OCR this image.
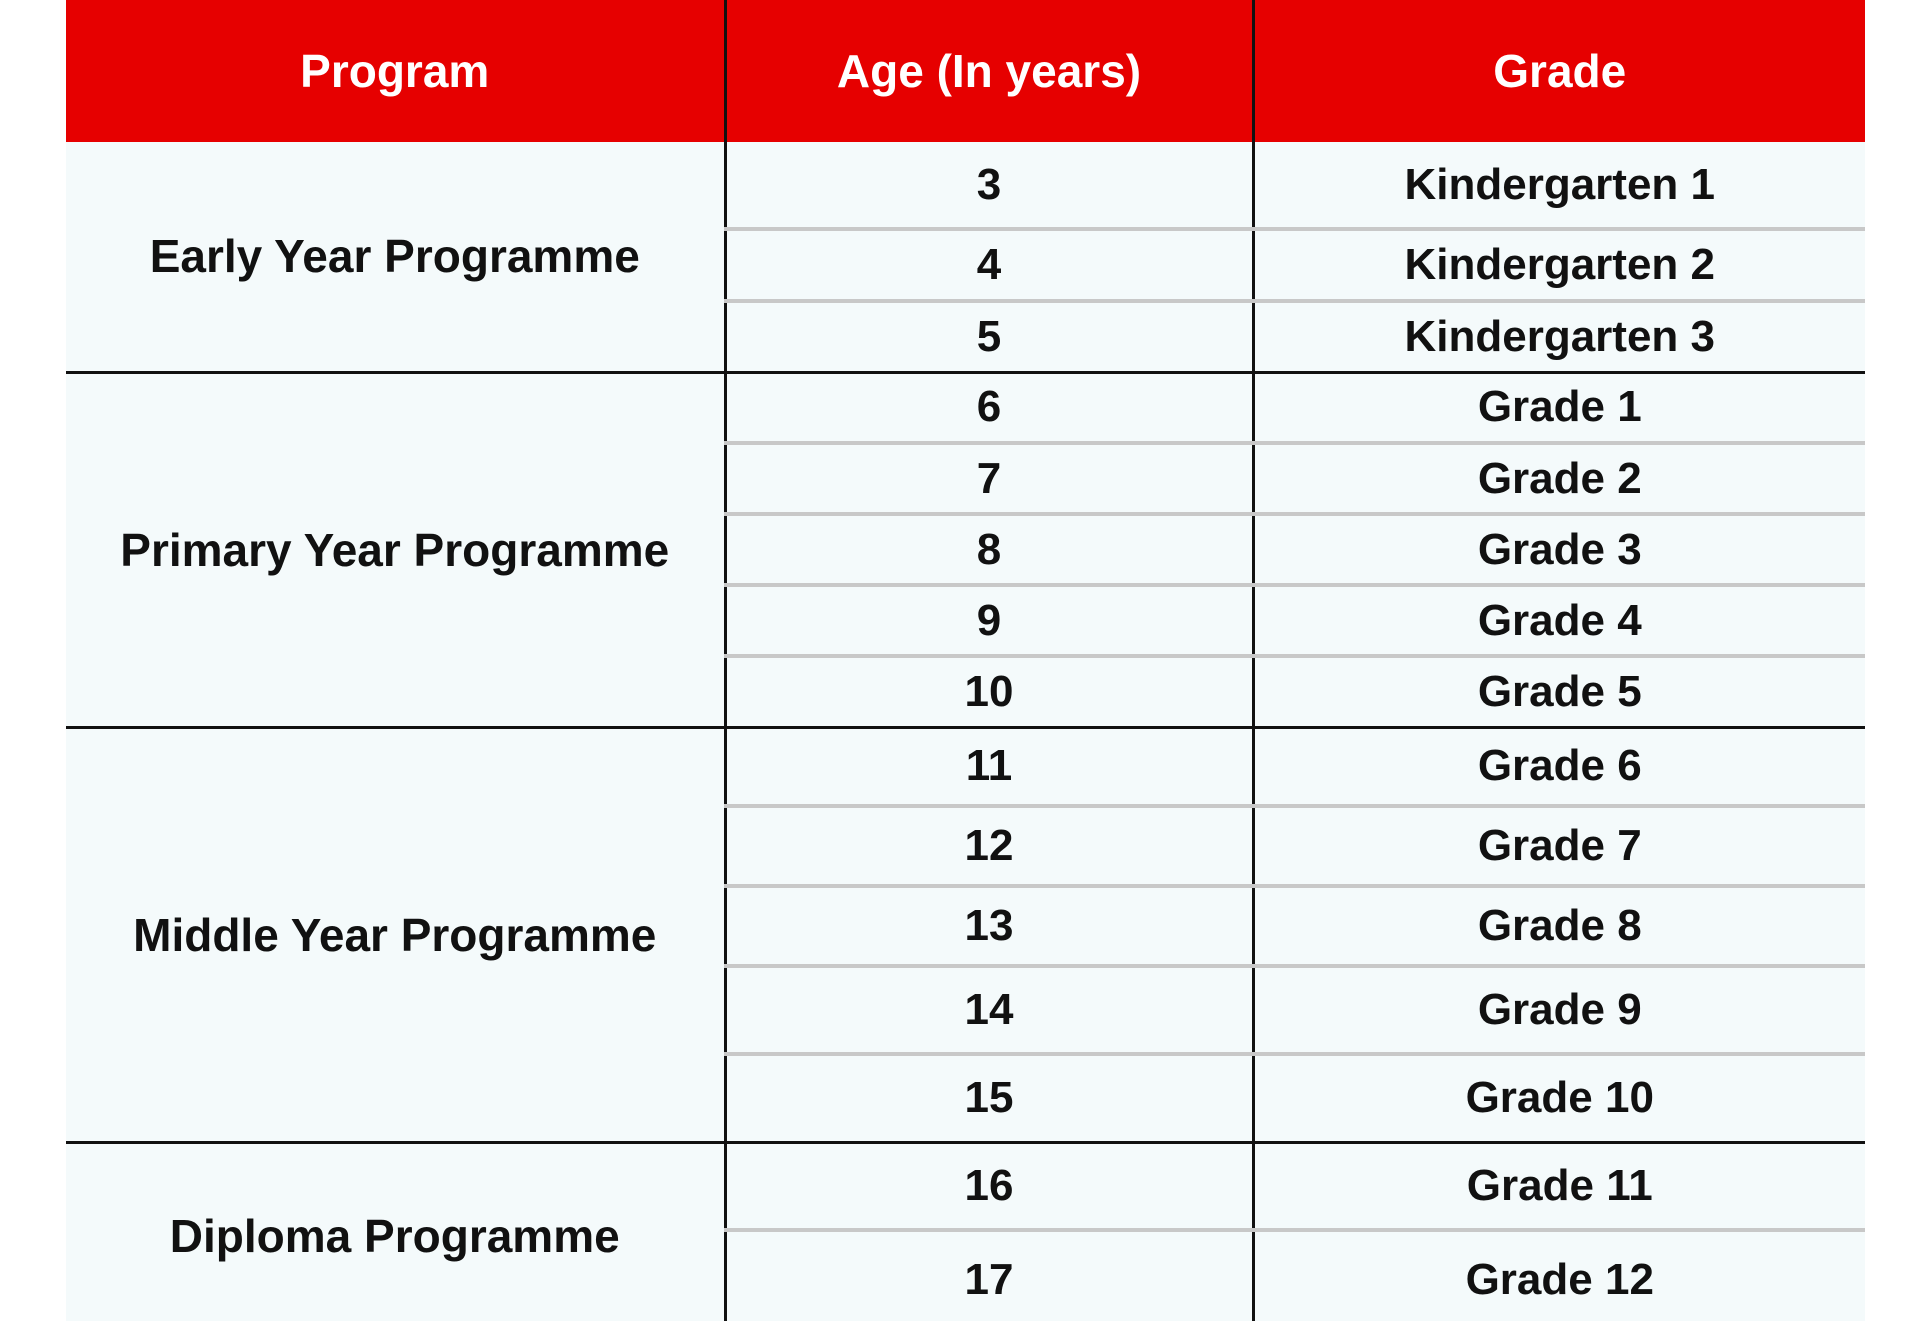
Program	Age (In years)	Grade
Early Year Programme	3	Kindergarten 1
	4	Kindergarten 2
	5	Kindergarten 3
Primary Year Programme	6	Grade 1
	7	Grade 2
	8	Grade 3
	9	Grade 4
	10	Grade 5
Middle Year Programme	11	Grade 6
	12	Grade 7
	13	Grade 8
	14	Grade 9
	15	Grade 10
Diploma Programme	16	Grade 11
	17	Grade 12
